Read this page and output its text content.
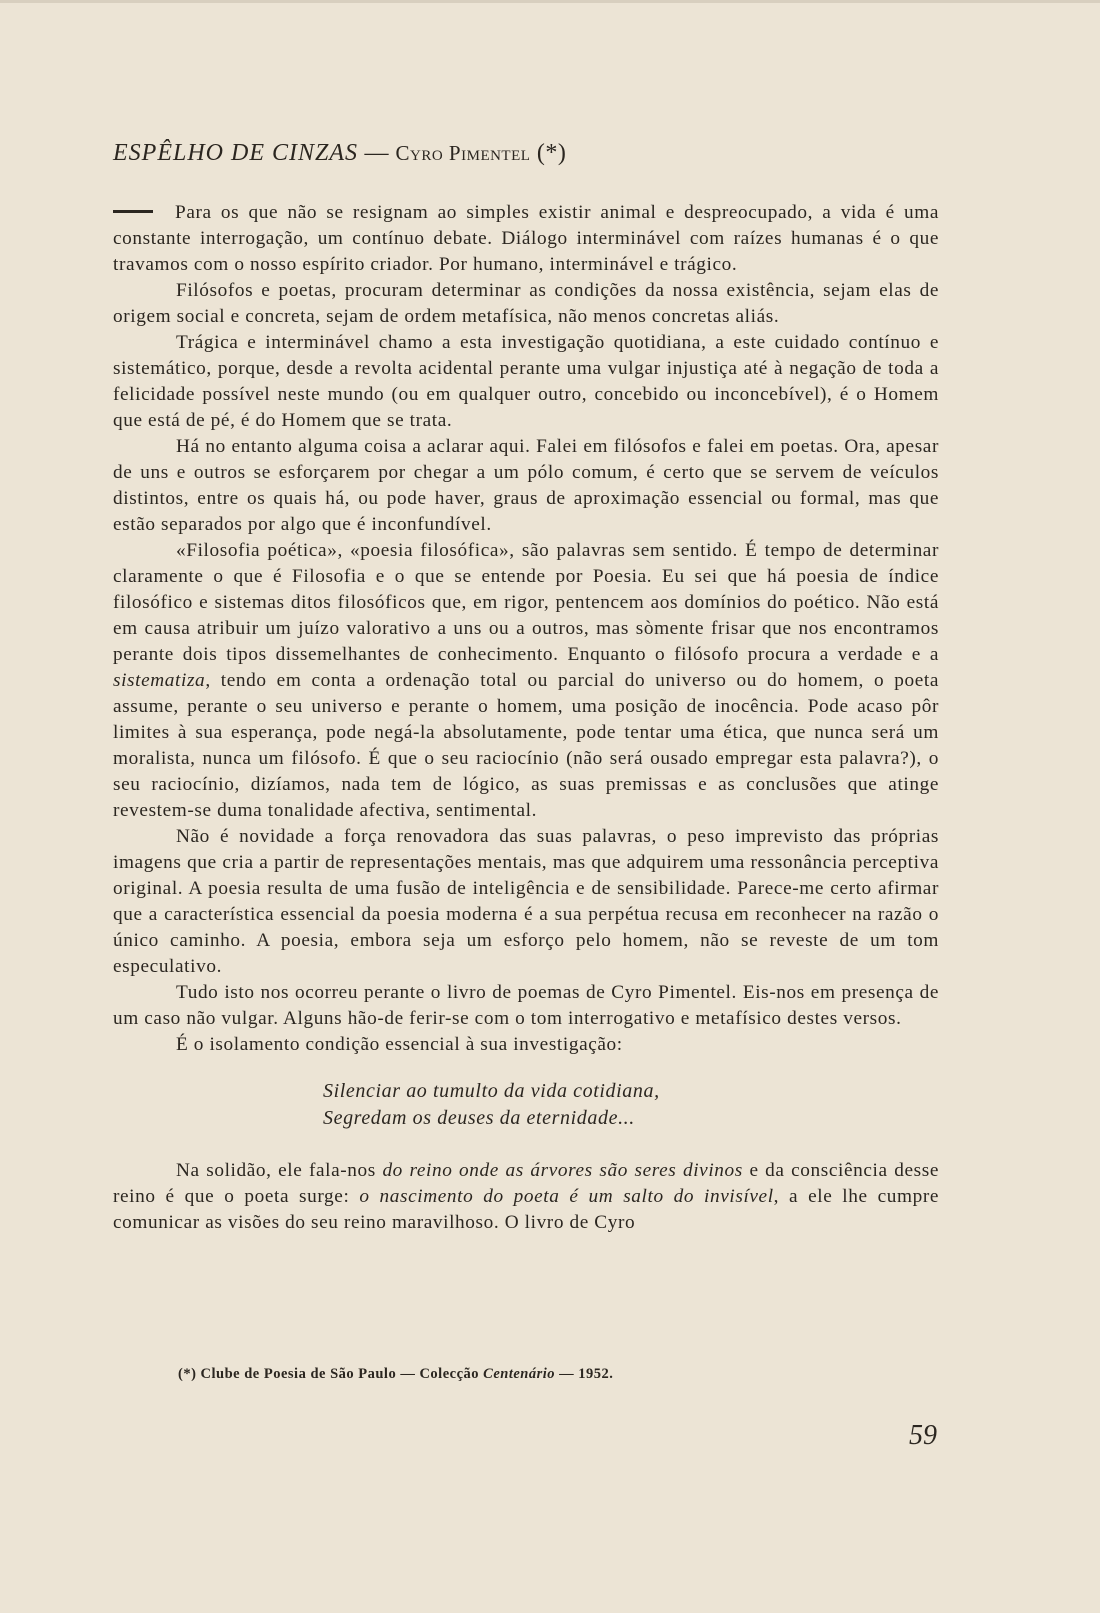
ESPÊLHO DE CINZAS — Cyro Pimentel (*)

Para os que não se resignam ao simples existir animal e despreocupado, a vida é uma constante interrogação, um contínuo debate. Diálogo interminável com raízes humanas é o que travamos com o nosso espírito criador. Por humano, interminável e trágico.

Filósofos e poetas, procuram determinar as condições da nossa existência, sejam elas de origem social e concreta, sejam de ordem metafísica, não menos concretas aliás.

Trágica e interminável chamo a esta investigação quotidiana, a este cuidado contínuo e sistemático, porque, desde a revolta acidental perante uma vulgar injustiça até à negação de toda a felicidade possível neste mundo (ou em qualquer outro, concebido ou inconcebível), é o Homem que está de pé, é do Homem que se trata.

Há no entanto alguma coisa a aclarar aqui. Falei em filósofos e falei em poetas. Ora, apesar de uns e outros se esforçarem por chegar a um pólo comum, é certo que se servem de veículos distintos, entre os quais há, ou pode haver, graus de aproximação essencial ou formal, mas que estão separados por algo que é inconfundível.

«Filosofia poética», «poesia filosófica», são palavras sem sentido. É tempo de determinar claramente o que é Filosofia e o que se entende por Poesia. Eu sei que há poesia de índice filosófico e sistemas ditos filosóficos que, em rigor, pentencem aos domínios do poético. Não está em causa atribuir um juízo valorativo a uns ou a outros, mas sòmente frisar que nos encontramos perante dois tipos dissemelhantes de conhecimento. Enquanto o filósofo procura a verdade e a sistematiza, tendo em conta a ordenação total ou parcial do universo ou do homem, o poeta assume, perante o seu universo e perante o homem, uma posição de inocência. Pode acaso pôr limites à sua esperança, pode negá-la absolutamente, pode tentar uma ética, que nunca será um moralista, nunca um filósofo. É que o seu raciocínio (não será ousado empregar esta palavra?), o seu raciocínio, dizíamos, nada tem de lógico, as suas premissas e as conclusões que atinge revestem-se duma tonalidade afectiva, sentimental.

Não é novidade a força renovadora das suas palavras, o peso imprevisto das próprias imagens que cria a partir de representações mentais, mas que adquirem uma ressonância perceptiva original. A poesia resulta de uma fusão de inteligência e de sensibilidade. Parece-me certo afirmar que a característica essencial da poesia moderna é a sua perpétua recusa em reconhecer na razão o único caminho. A poesia, embora seja um esforço pelo homem, não se reveste de um tom especulativo.

Tudo isto nos ocorreu perante o livro de poemas de Cyro Pimentel. Eis-nos em presença de um caso não vulgar. Alguns hão-de ferir-se com o tom interrogativo e metafísico destes versos.

É o isolamento condição essencial à sua investigação:

Silenciar ao tumulto da vida cotidiana,
Segredam os deuses da eternidade...

Na solidão, ele fala-nos do reino onde as árvores são seres divinos e da consciência desse reino é que o poeta surge: o nascimento do poeta é um salto do invisível, a ele lhe cumpre comunicar as visões do seu reino maravilhoso. O livro de Cyro

(*) Clube de Poesia de São Paulo — Colecção Centenário — 1952.
59
